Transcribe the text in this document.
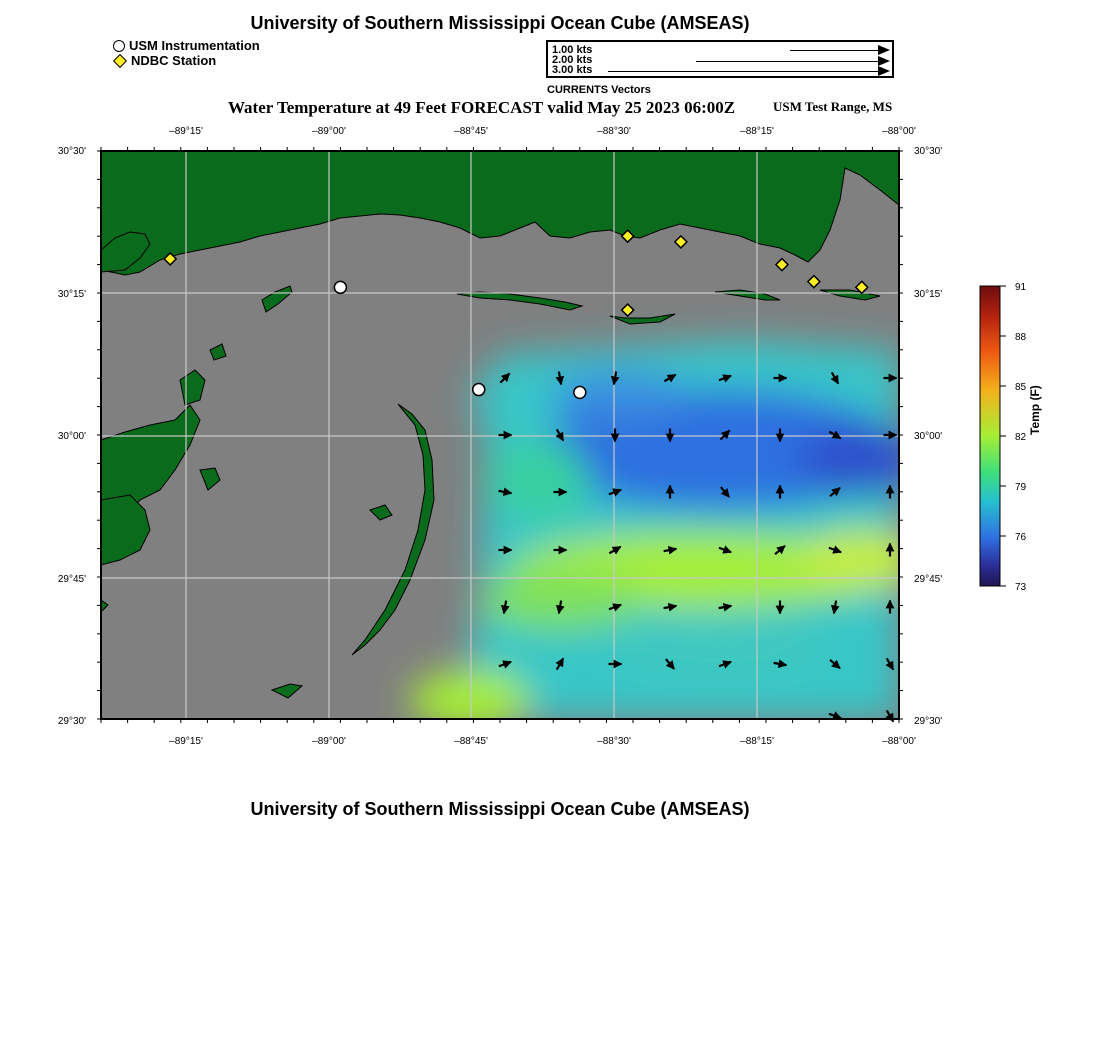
University of Southern Mississippi Ocean Cube (AMSEAS)
USM Instrumentation
NDBC Station
1.00 kts
2.00 kts
3.00 kts
CURRENTS Vectors
Water Temperature at 49 Feet FORECAST valid May 25 2023 06:00Z	USM Test Range, MS
–89°15'	–89°00'	–88°45'	–88°30'	–88°15'	–88°00'
–89°15'	–89°00'	–88°45'	–88°30'	–88°15'	–88°00'
30°30'
30°15'
30°00'
29°45'
29°30'
30°30'
30°15'
30°00'
29°45'
29°30'
91
88
85
82
79
76
73
Temp (F)
University of Southern Mississippi Ocean Cube (AMSEAS)
